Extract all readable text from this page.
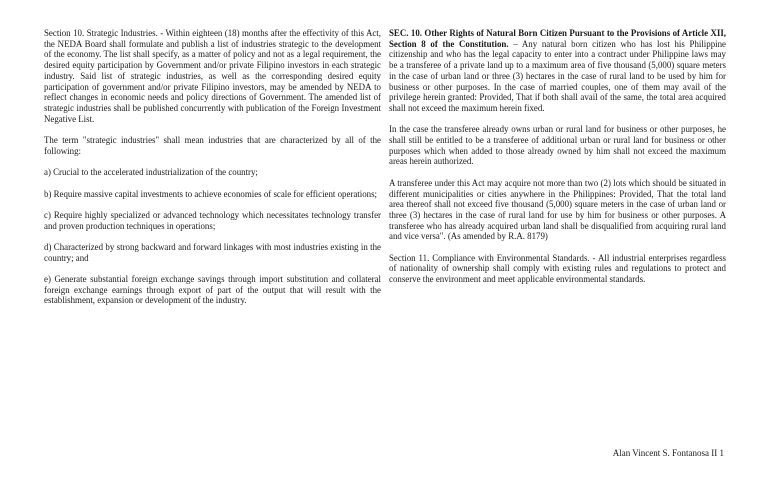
Section 10. Strategic Industries. - Within eighteen (18) months after the effectivity of this Act, the NEDA Board shall formulate and publish a list of industries strategic to the development of the economy. The list shall specify, as a matter of policy and not as a legal requirement, the desired equity participation by Government and/or private Filipino investors in each strategic industry. Said list of strategic industries, as well as the corresponding desired equity participation of government and/or private Filipino investors, may be amended by NEDA to reflect changes in economic needs and policy directions of Government. The amended list of strategic industries shall be published concurrently with publication of the Foreign Investment Negative List.

The term "strategic industries" shall mean industries that are characterized by all of the following:

a) Crucial to the accelerated industrialization of the country;

b) Require massive capital investments to achieve economies of scale for efficient operations;

c) Require highly specialized or advanced technology which necessitates technology transfer and proven production techniques in operations;

d) Characterized by strong backward and forward linkages with most industries existing in the country; and

e) Generate substantial foreign exchange savings through import substitution and collateral foreign exchange earnings through export of part of the output that will result with the establishment, expansion or development of the industry.

SEC. 10. Other Rights of Natural Born Citizen Pursuant to the Provisions of Article XII, Section 8 of the Constitution. – Any natural born citizen who has lost his Philippine citizenship and who has the legal capacity to enter into a contract under Philippine laws may be a transferee of a private land up to a maximum area of five thousand (5,000) square meters in the case of urban land or three (3) hectares in the case of rural land to be used by him for business or other purposes. In the case of married couples, one of them may avail of the privilege herein granted: Provided, That if both shall avail of the same, the total area acquired shall not exceed the maximum herein fixed.

In the case the transferee already owns urban or rural land for business or other purposes, he shall still be entitled to be a transferee of additional urban or rural land for business or other purposes which when added to those already owned by him shall not exceed the maximum areas herein authorized.

A transferee under this Act may acquire not more than two (2) lots which should be situated in different municipalities or cities anywhere in the Philippines: Provided, That the total land area thereof shall not exceed five thousand (5,000) square meters in the case of urban land or three (3) hectares in the case of rural land for use by him for business or other purposes. A transferee who has already acquired urban land shall be disqualified from acquiring rural land and vice versa". (As amended by R.A. 8179)

Section 11. Compliance with Environmental Standards. - All industrial enterprises regardless of nationality of ownership shall comply with existing rules and regulations to protect and conserve the environment and meet applicable environmental standards.

Alan Vincent S. Fontanosa II 1
